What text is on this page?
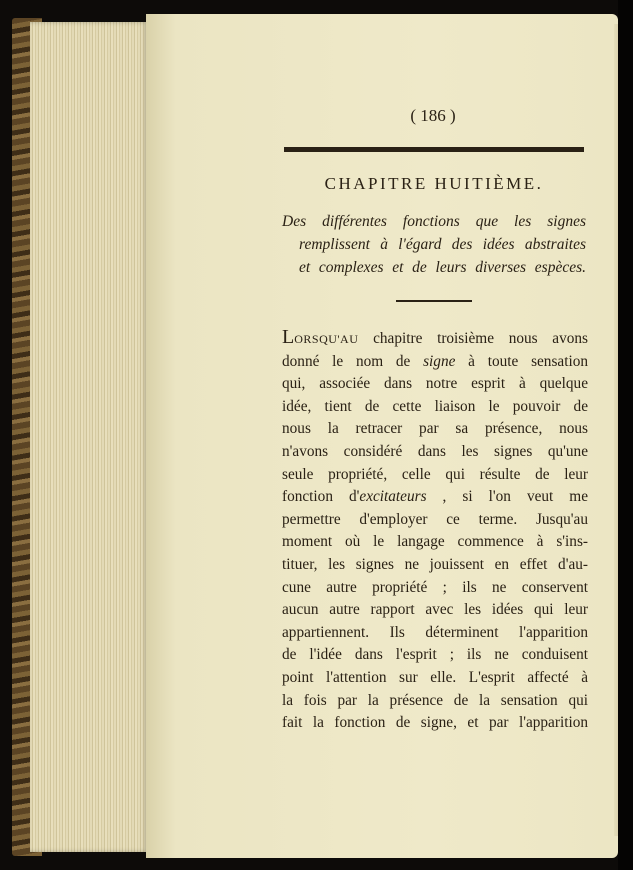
( 186 )
CHAPITRE HUITIÈME.
Des différentes fonctions que les signes
remplissent à l'égard des idées abstraites
et complexes et de leurs diverses espèces.
LORSQU'AU chapitre troisième nous avons
donné le nom de signe à toute sensation
qui, associée dans notre esprit à quelque
idée, tient de cette liaison le pouvoir de
nous la retracer par sa présence, nous
n'avons considéré dans les signes qu'une
seule propriété, celle qui résulte de leur
fonction d'excitateurs , si l'on veut me
permettre d'employer ce terme. Jusqu'au
moment où le langage commence à s'ins-
tituer, les signes ne jouissent en effet d'au-
cune autre propriété ; ils ne conservent
aucun autre rapport avec les idées qui leur
appartiennent. Ils déterminent l'apparition
de l'idée dans l'esprit ; ils ne conduisent
point l'attention sur elle. L'esprit affecté à
la fois par la présence de la sensation qui
fait la fonction de signe, et par l'apparition
